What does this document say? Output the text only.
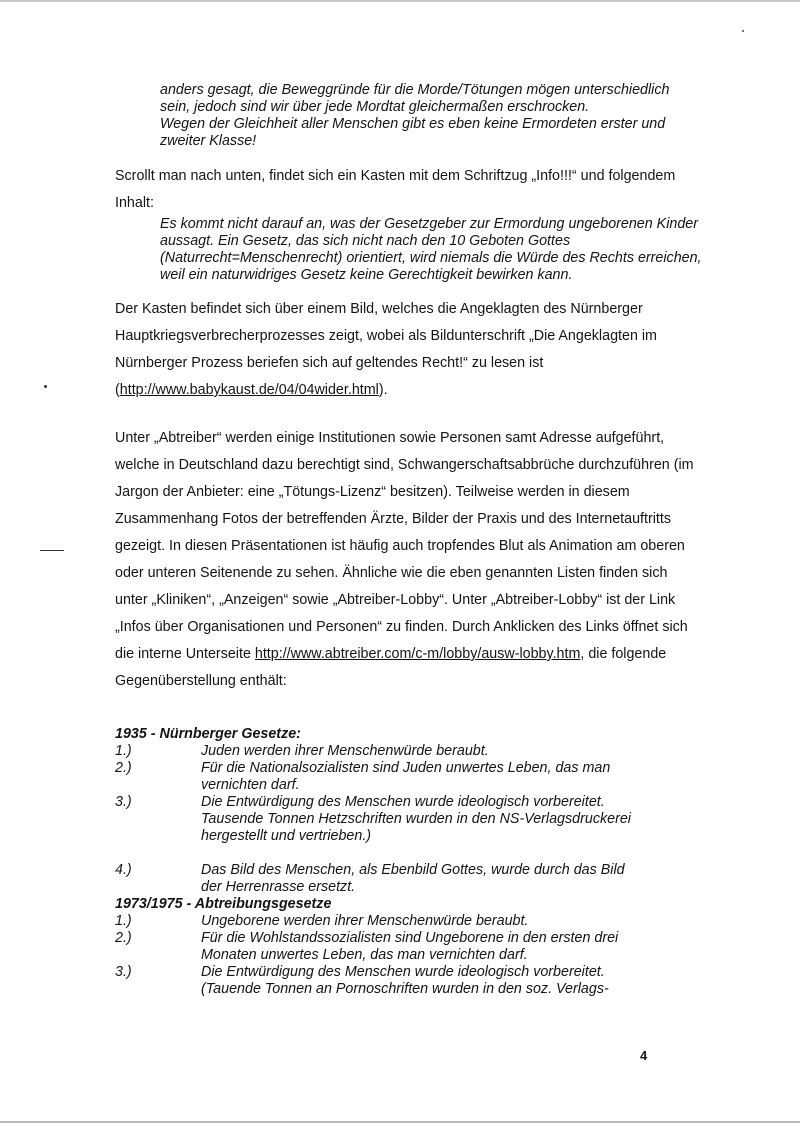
anders gesagt, die Beweggründe für die Morde/Tötungen mögen unterschiedlich

sein, jedoch sind wir über jede Mordtat gleichermaßen erschrocken.

Wegen der Gleichheit aller Menschen gibt es eben keine Ermordeten erster und

zweiter Klasse!

Scrollt man nach unten, findet sich ein Kasten mit dem Schriftzug „Info!!!“ und folgendem

Inhalt:

Es kommt nicht darauf an, was der Gesetzgeber zur Ermordung ungeborenen Kinder

aussagt. Ein Gesetz, das sich nicht nach den 10 Geboten Gottes

(Naturrecht=Menschenrecht) orientiert, wird niemals die Würde des Rechts erreichen,

weil ein naturwidriges Gesetz keine Gerechtigkeit bewirken kann.

Der Kasten befindet sich über einem Bild, welches die Angeklagten des Nürnberger

Hauptkriegsverbrecherprozesses zeigt, wobei als Bildunterschrift „Die Angeklagten im

Nürnberger Prozess beriefen sich auf geltendes Recht!“ zu lesen ist

(http://www.babykaust.de/04/04wider.html).

Unter „Abtreiber“ werden einige Institutionen sowie Personen samt Adresse aufgeführt,

welche in Deutschland dazu berechtigt sind, Schwangerschaftsabbrüche durchzuführen (im

Jargon der Anbieter: eine „Tötungs-Lizenz“ besitzen). Teilweise werden in diesem

Zusammenhang Fotos der betreffenden Ärzte, Bilder der Praxis und des Internetauftritts

gezeigt. In diesen Präsentationen ist häufig auch tropfendes Blut als Animation am oberen

oder unteren Seitenende zu sehen. Ähnliche wie die eben genannten Listen finden sich

unter „Kliniken“, „Anzeigen“ sowie „Abtreiber-Lobby“. Unter „Abtreiber-Lobby“ ist der Link

„Infos über Organisationen und Personen“ zu finden. Durch Anklicken des Links öffnet sich

die interne Unterseite http://www.abtreiber.com/c-m/lobby/ausw-lobby.htm, die folgende

Gegenüberstellung enthält:

1935 - Nürnberger Gesetze:
1.)	Juden werden ihrer Menschenwürde beraubt.
2.)	Für die Nationalsozialisten sind Juden unwertes Leben, das man
vernichten darf.
3.)	Die Entwürdigung des Menschen wurde ideologisch vorbereitet.
Tausende Tonnen Hetzschriften wurden in den NS-Verlagsdruckerei
hergestellt und vertrieben.)
4.)	Das Bild des Menschen, als Ebenbild Gottes, wurde durch das Bild
der Herrenrasse ersetzt.
1973/1975 - Abtreibungsgesetze
1.)	Ungeborene werden ihrer Menschenwürde beraubt.
2.)	Für die Wohlstandssozialisten sind Ungeborene in den ersten drei
Monaten unwertes Leben, das man vernichten darf.
3.)	Die Entwürdigung des Menschen wurde ideologisch vorbereitet.
(Tauende Tonnen an Pornoschriften wurden in den soz. Verlags-
4
